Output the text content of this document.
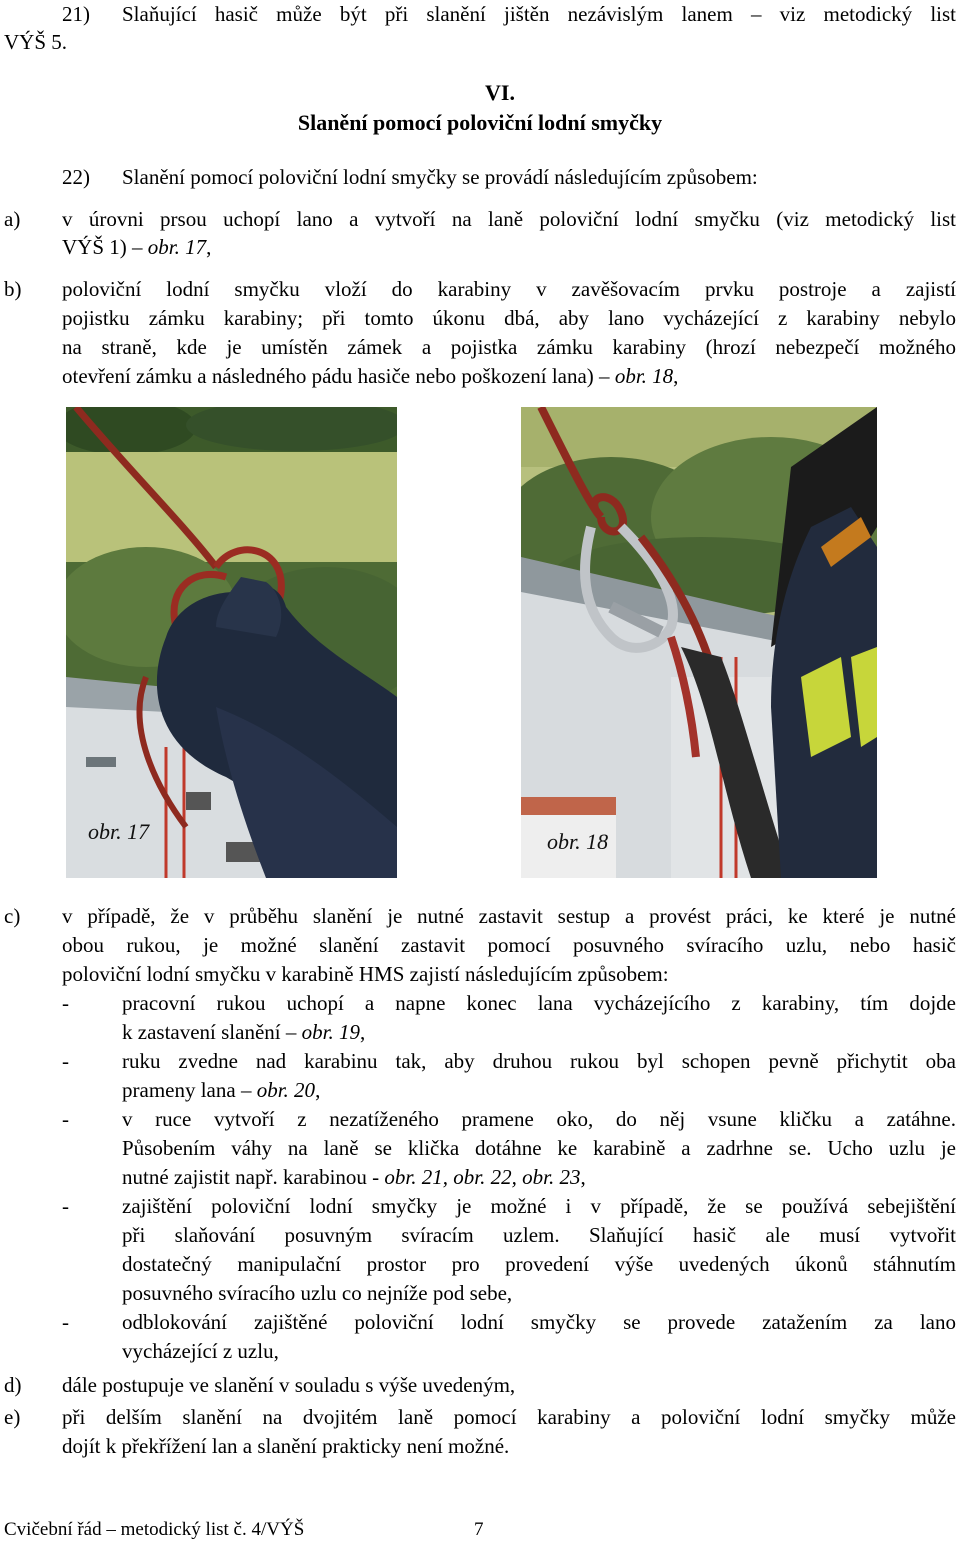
21) Slaňující hasič může být při slanění jištěn nezávislým lanem – viz metodický list
VÝŠ 5.
VI.
Slanění pomocí poloviční lodní smyčky
22) Slanění pomocí poloviční lodní smyčky se provádí následujícím způsobem:
a) v úrovni prsou uchopí lano a vytvoří na laně poloviční lodní smyčku (viz metodický list
VÝŠ 1) – obr. 17,
b) poloviční lodní smyčku vloží do karabiny v zavěšovacím prvku postroje a zajistí
pojistku zámku karabiny; při tomto úkonu dbá, aby lano vycházející z karabiny nebylo
na straně, kde je umístěn zámek a pojistka zámku karabiny (hrozí nebezpečí možného
otevření zámku a následného pádu hasiče nebo poškození lana) – obr. 18,
obr. 17	obr. 18
c) v případě, že v průběhu slanění je nutné zastavit sestup a provést práci, ke které je nutné
obou rukou, je možné slanění zastavit pomocí posuvného svíracího uzlu, nebo hasič
poloviční lodní smyčku v karabině HMS zajistí následujícím způsobem:
-	pracovní rukou uchopí a napne konec lana vycházejícího z karabiny, tím dojde
k zastavení slanění – obr. 19,
-	ruku zvedne nad karabinu tak, aby druhou rukou byl schopen pevně přichytit oba
prameny lana – obr. 20,
-	v ruce vytvoří z nezatíženého pramene oko, do něj vsune kličku a zatáhne.
Působením váhy na laně se klička dotáhne ke karabině a zadrhne se. Ucho uzlu je
nutné zajistit např. karabinou - obr. 21, obr. 22, obr. 23,
-	zajištění poloviční lodní smyčky je možné i v případě, že se používá sebejištění
při slaňování posuvným svíracím uzlem. Slaňující hasič ale musí vytvořit
dostatečný manipulační prostor pro provedení výše uvedených úkonů stáhnutím
posuvného svíracího uzlu co nejníže pod sebe,
-	odblokování zajištěné poloviční lodní smyčky se provede zatažením za lano
vycházející z uzlu,
d) dále postupuje ve slanění v souladu s výše uvedeným,
e) při delším slanění na dvojitém laně pomocí karabiny a poloviční lodní smyčky může
dojít k překřížení lan a slanění prakticky není možné.
Cvičební řád – metodický list č. 4/VÝŠ	7
